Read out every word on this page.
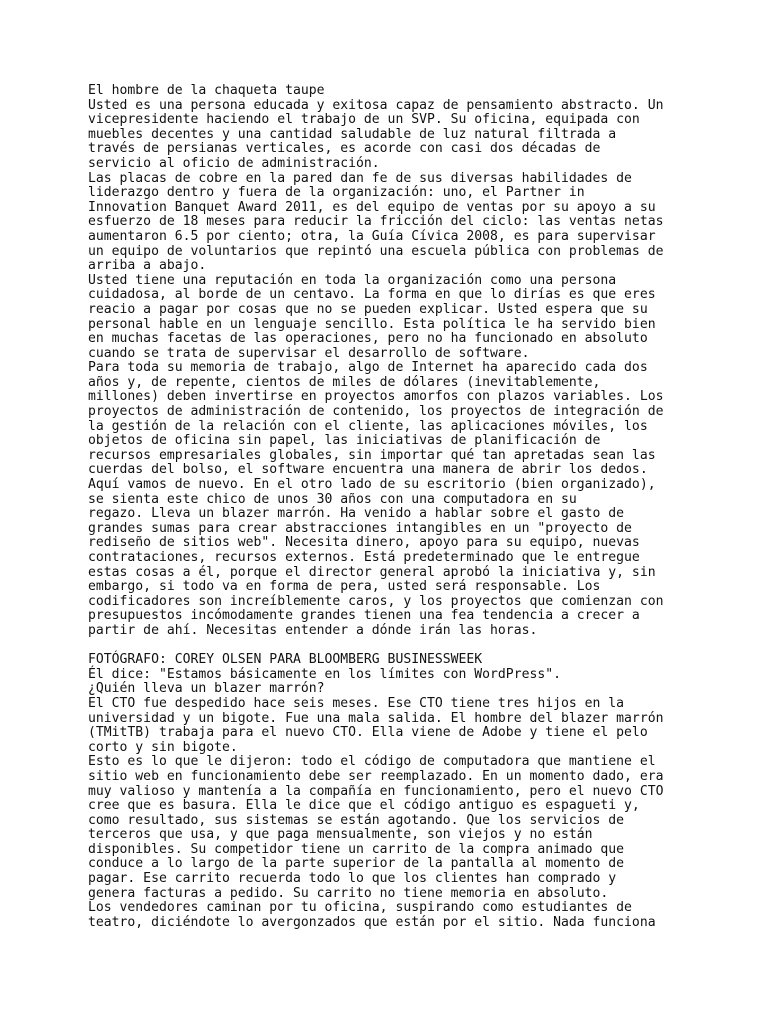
El hombre de la chaqueta taupe
Usted es una persona educada y exitosa capaz de pensamiento abstracto. Un
vicepresidente haciendo el trabajo de un SVP. Su oficina, equipada con
muebles decentes y una cantidad saludable de luz natural filtrada a
través de persianas verticales, es acorde con casi dos décadas de
servicio al oficio de administración.
Las placas de cobre en la pared dan fe de sus diversas habilidades de
liderazgo dentro y fuera de la organización: uno, el Partner in
Innovation Banquet Award 2011, es del equipo de ventas por su apoyo a su
esfuerzo de 18 meses para reducir la fricción del ciclo: las ventas netas
aumentaron 6.5 por ciento; otra, la Guía Cívica 2008, es para supervisar
un equipo de voluntarios que repintó una escuela pública con problemas de
arriba a abajo.
Usted tiene una reputación en toda la organización como una persona
cuidadosa, al borde de un centavo. La forma en que lo dirías es que eres
reacio a pagar por cosas que no se pueden explicar. Usted espera que su
personal hable en un lenguaje sencillo. Esta política le ha servido bien
en muchas facetas de las operaciones, pero no ha funcionado en absoluto
cuando se trata de supervisar el desarrollo de software.
Para toda su memoria de trabajo, algo de Internet ha aparecido cada dos
años y, de repente, cientos de miles de dólares (inevitablemente,
millones) deben invertirse en proyectos amorfos con plazos variables. Los
proyectos de administración de contenido, los proyectos de integración de
la gestión de la relación con el cliente, las aplicaciones móviles, los
objetos de oficina sin papel, las iniciativas de planificación de
recursos empresariales globales, sin importar qué tan apretadas sean las
cuerdas del bolso, el software encuentra una manera de abrir los dedos.
Aquí vamos de nuevo. En el otro lado de su escritorio (bien organizado),
se sienta este chico de unos 30 años con una computadora en su
regazo. Lleva un blazer marrón. Ha venido a hablar sobre el gasto de
grandes sumas para crear abstracciones intangibles en un "proyecto de
rediseño de sitios web". Necesita dinero, apoyo para su equipo, nuevas
contrataciones, recursos externos. Está predeterminado que le entregue
estas cosas a él, porque el director general aprobó la iniciativa y, sin
embargo, si todo va en forma de pera, usted será responsable. Los
codificadores son increíblemente caros, y los proyectos que comienzan con
presupuestos incómodamente grandes tienen una fea tendencia a crecer a
partir de ahí. Necesitas entender a dónde irán las horas.
FOTÓGRAFO: COREY OLSEN PARA BLOOMBERG BUSINESSWEEK
Él dice: "Estamos básicamente en los límites con WordPress".
¿Quién lleva un blazer marrón?
El CTO fue despedido hace seis meses. Ese CTO tiene tres hijos en la
universidad y un bigote. Fue una mala salida. El hombre del blazer marrón
(TMitTB) trabaja para el nuevo CTO. Ella viene de Adobe y tiene el pelo
corto y sin bigote.
Esto es lo que le dijeron: todo el código de computadora que mantiene el
sitio web en funcionamiento debe ser reemplazado. En un momento dado, era
muy valioso y mantenía a la compañía en funcionamiento, pero el nuevo CTO
cree que es basura. Ella le dice que el código antiguo es espagueti y,
como resultado, sus sistemas se están agotando. Que los servicios de
terceros que usa, y que paga mensualmente, son viejos y no están
disponibles. Su competidor tiene un carrito de la compra animado que
conduce a lo largo de la parte superior de la pantalla al momento de
pagar. Ese carrito recuerda todo lo que los clientes han comprado y
genera facturas a pedido. Su carrito no tiene memoria en absoluto.
Los vendedores caminan por tu oficina, suspirando como estudiantes de
teatro, diciéndote lo avergonzados que están por el sitio. Nada funciona
